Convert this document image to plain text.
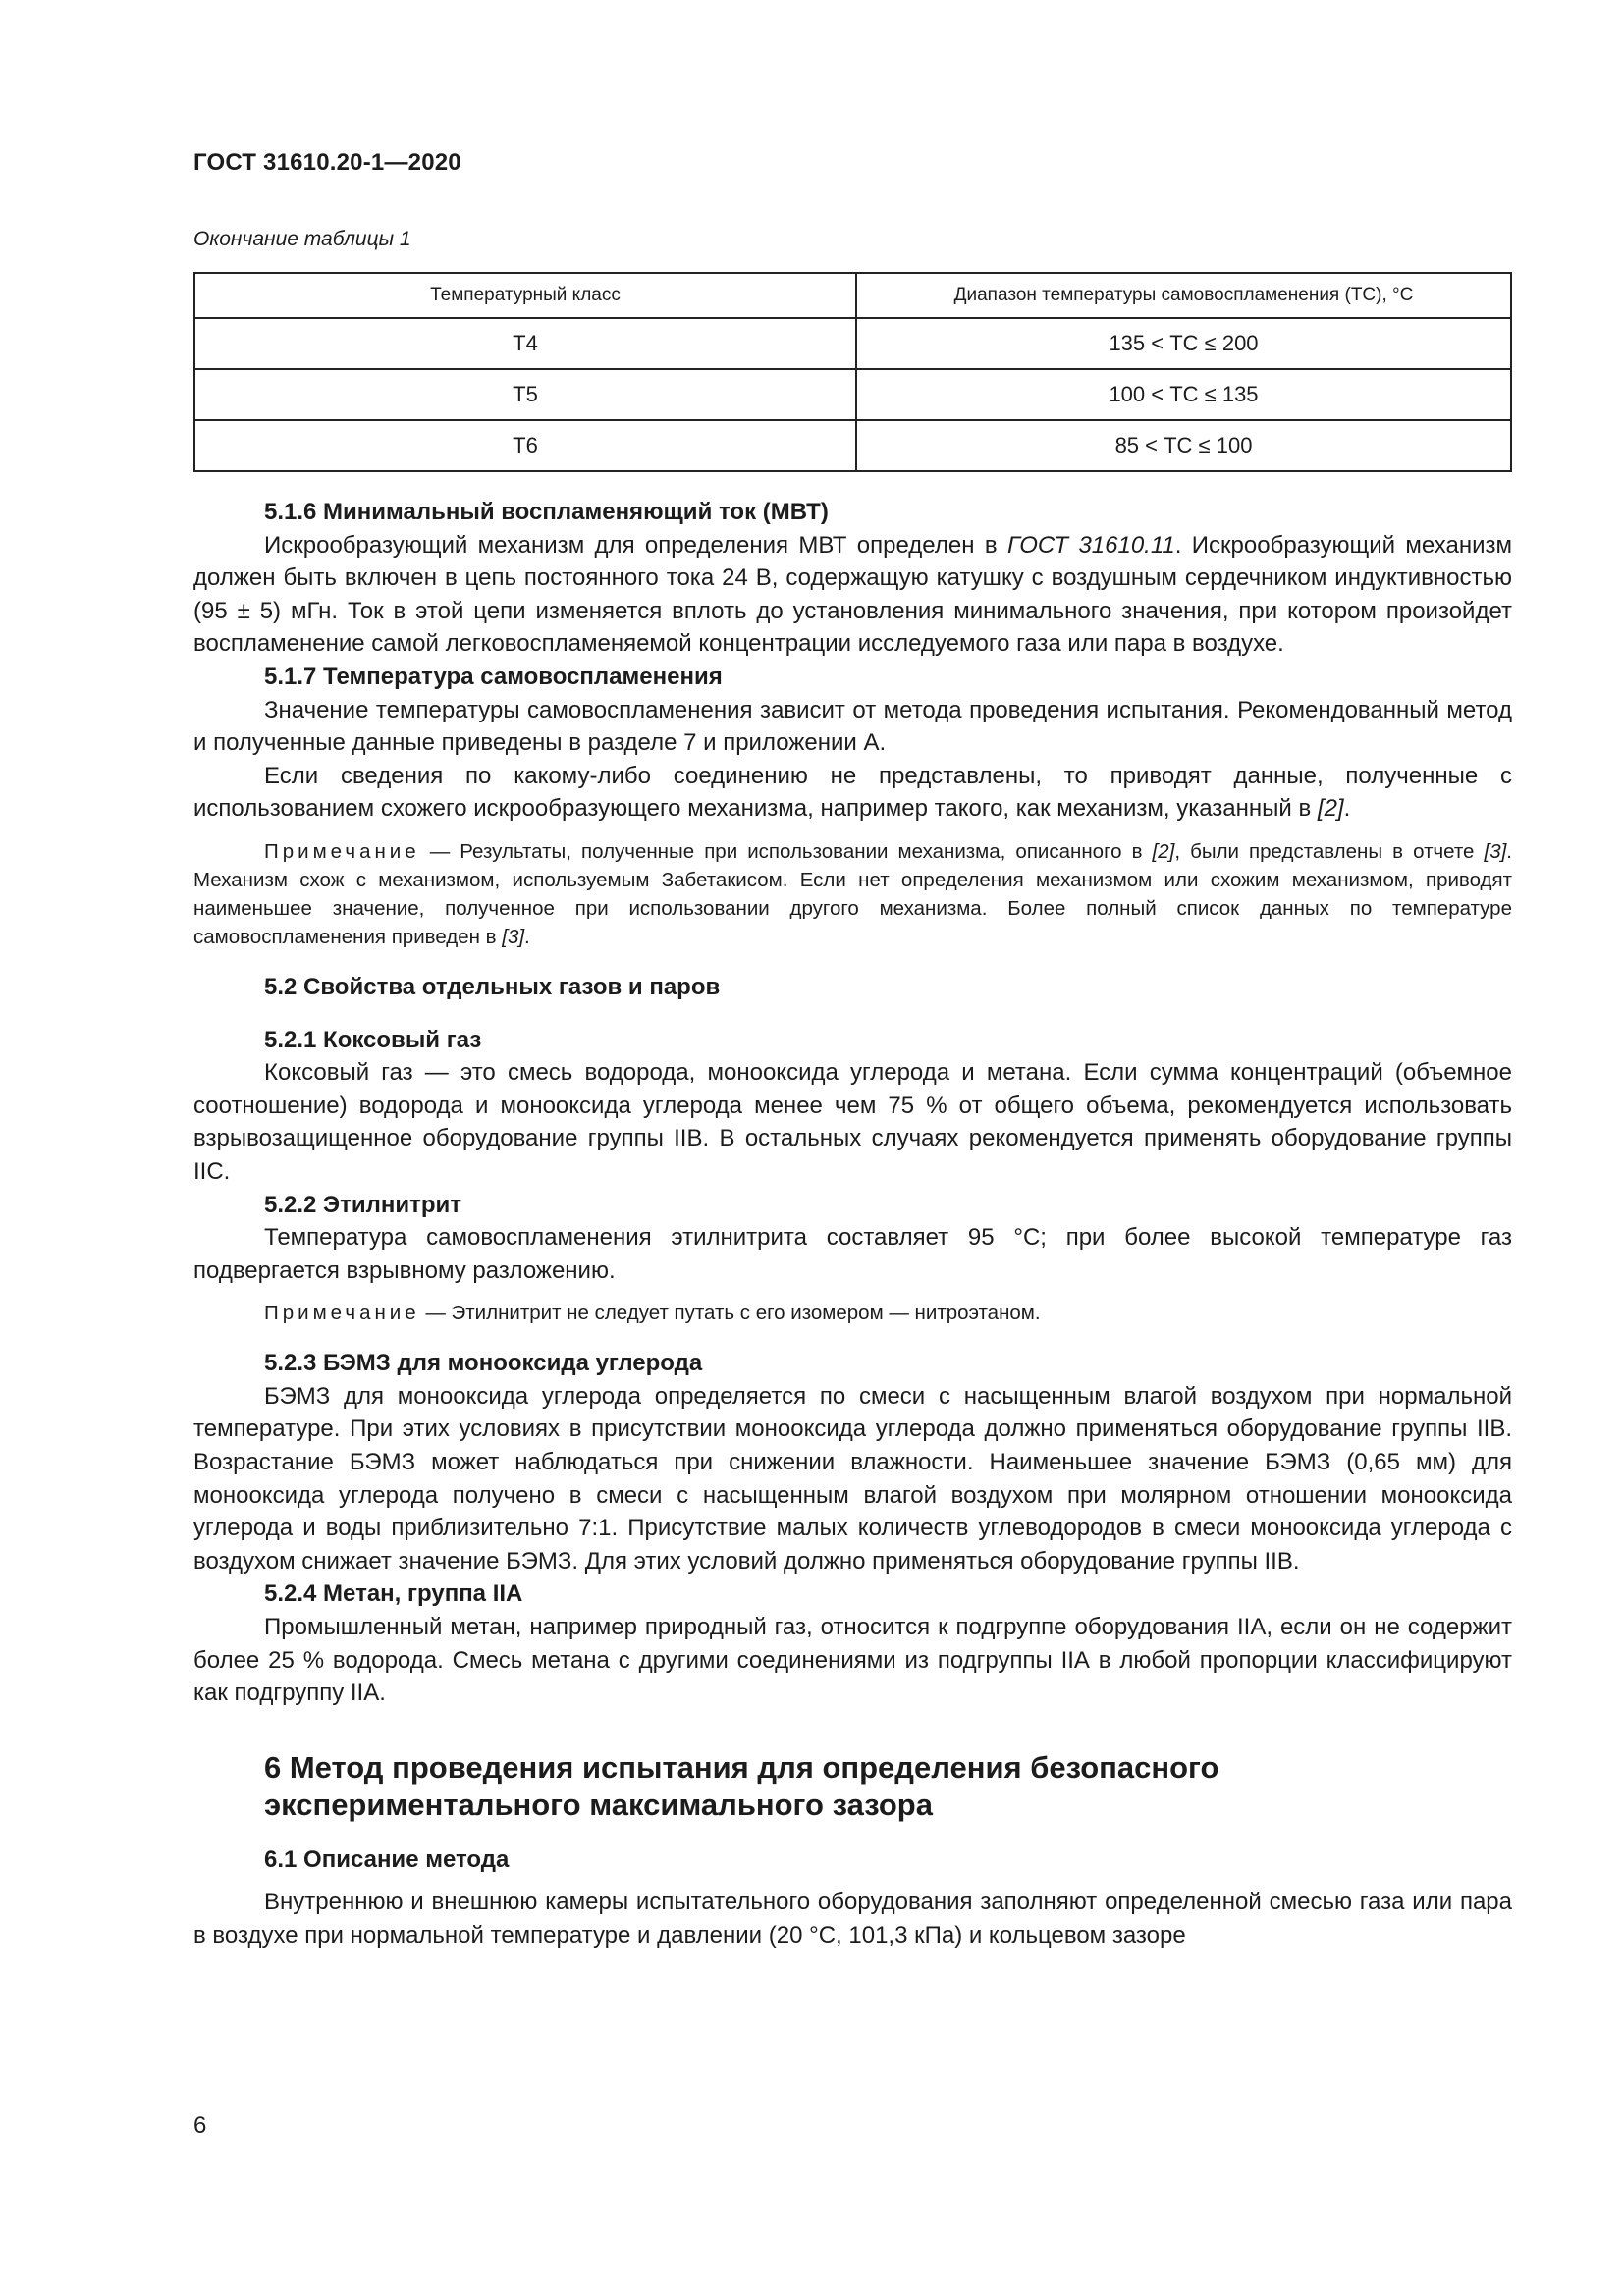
ГОСТ 31610.20-1—2020
Окончание таблицы 1
Температурный класс	Диапазон температуры самовоспламенения (ТС), °С
Т4	135 < ТС ≤ 200
Т5	100 < ТС ≤ 135
Т6	85 < ТС ≤ 100
5.1.6 Минимальный воспламеняющий ток (МВТ)

Искрообразующий механизм для определения МВТ определен в ГОСТ 31610.11. Искрообразующий механизм должен быть включен в цепь постоянного тока 24 В, содержащую катушку с воздушным сердечником индуктивностью (95 ± 5) мГн. Ток в этой цепи изменяется вплоть до установления минимального значения, при котором произойдет воспламенение самой легковоспламеняемой концентрации исследуемого газа или пара в воздухе.

5.1.7 Температура самовоспламенения

Значение температуры самовоспламенения зависит от метода проведения испытания. Рекомендованный метод и полученные данные приведены в разделе 7 и приложении А.

Если сведения по какому-либо соединению не представлены, то приводят данные, полученные с использованием схожего искрообразующего механизма, например такого, как механизм, указанный в [2].

Примечание — Результаты, полученные при использовании механизма, описанного в [2], были представлены в отчете [3]. Механизм схож с механизмом, используемым Забетакисом. Если нет определения механизмом или схожим механизмом, приводят наименьшее значение, полученное при использовании другого механизма. Более полный список данных по температуре самовоспламенения приведен в [3].

5.2 Свойства отдельных газов и паров
5.2.1 Коксовый газ

Коксовый газ — это смесь водорода, монооксида углерода и метана. Если сумма концентраций (объемное соотношение) водорода и монооксида углерода менее чем 75 % от общего объема, рекомендуется использовать взрывозащищенное оборудование группы IIВ. В остальных случаях рекомендуется применять оборудование группы IIС.

5.2.2 Этилнитрит

Температура самовоспламенения этилнитрита составляет 95 °С; при более высокой температуре газ подвергается взрывному разложению.

Примечание — Этилнитрит не следует путать с его изомером — нитроэтаном.

5.2.3 БЭМЗ для монооксида углерода

БЭМЗ для монооксида углерода определяется по смеси с насыщенным влагой воздухом при нормальной температуре. При этих условиях в присутствии монооксида углерода должно применяться оборудование группы IIВ. Возрастание БЭМЗ может наблюдаться при снижении влажности. Наименьшее значение БЭМЗ (0,65 мм) для монооксида углерода получено в смеси с насыщенным влагой воздухом при молярном отношении монооксида углерода и воды приблизительно 7:1. Присутствие малых количеств углеводородов в смеси монооксида углерода с воздухом снижает значение БЭМЗ. Для этих условий должно применяться оборудование группы IIВ.

5.2.4 Метан, группа IIА

Промышленный метан, например природный газ, относится к подгруппе оборудования IIА, если он не содержит более 25 % водорода. Смесь метана с другими соединениями из подгруппы IIА в любой пропорции классифицируют как подгруппу IIА.

6 Метод проведения испытания для определения безопасного экспериментального максимального зазора
6.1 Описание метода

Внутреннюю и внешнюю камеры испытательного оборудования заполняют определенной смесью газа или пара в воздухе при нормальной температуре и давлении (20 °С, 101,3 кПа) и кольцевом зазоре

6
